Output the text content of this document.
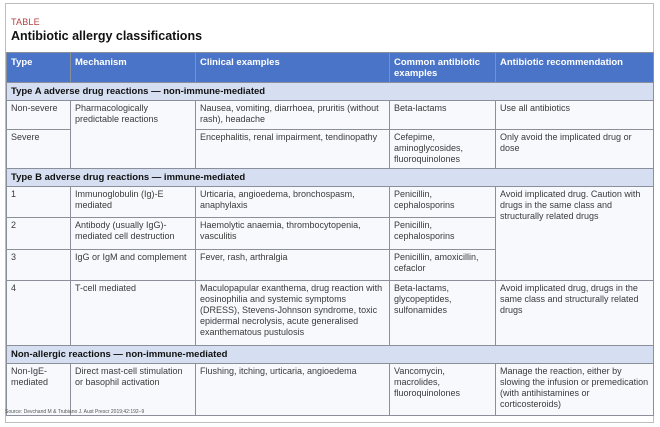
TABLE
Antibiotic allergy classifications
Type	Mechanism	Clinical examples	Common antibiotic examples	Antibiotic recommendation
Type A adverse drug reactions — non-immune-mediated				
Non-severe	Pharmacologically predictable reactions	Nausea, vomiting, diarrhoea, pruritis (without rash), headache	Beta-lactams	Use all antibiotics
Severe		Encephalitis, renal impairment, tendinopathy	Cefepime, aminoglycosides, fluoroquinolones	Only avoid the implicated drug or dose
Type B adverse drug reactions — immune-mediated				
1	Immunoglobulin (Ig)-E mediated	Urticaria, angioedema, bronchospasm, anaphylaxis	Penicillin, cephalosporins	Avoid implicated drug. Caution with drugs in the same class and structurally related drugs
2	Antibody (usually IgG)-mediated cell destruction	Haemolytic anaemia, thrombocytopenia, vasculitis	Penicillin, cephalosporins	
3	IgG or IgM and complement	Fever, rash, arthralgia	Penicillin, amoxicillin, cefaclor	
4	T-cell mediated	Maculopapular exanthema, drug reaction with eosinophilia and systemic symptoms (DRESS), Stevens-Johnson syndrome, toxic epidermal necrolysis, acute generalised exanthematous pustulosis	Beta-lactams, glycopeptides, sulfonamides	Avoid implicated drug, drugs in the same class and structurally related drugs
Non-allergic reactions — non-immune-mediated				
Non-IgE-mediated	Direct mast-cell stimulation or basophil activation	Flushing, itching, urticaria, angioedema	Vancomycin, macrolides, fluoroquinolones	Manage the reaction, either by slowing the infusion or premedication (with antihistamines or corticosteroids)
Source: Devchand M & Trubiano J. Aust Prescr 2019;42:192–9
